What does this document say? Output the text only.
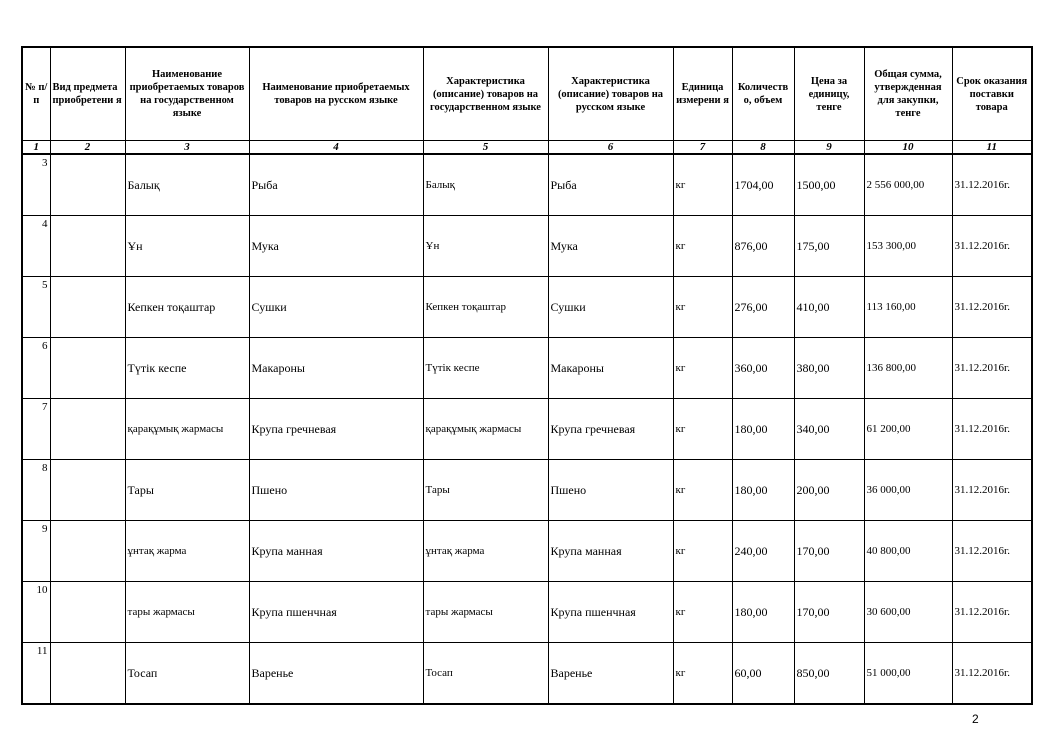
№ п/п	Вид предмета приобретени я	Наименование приобретаемых товаров на государственном языке	Наименование приобретаемых товаров на русском языке	Характеристика (описание) товаров на государственном языке	Характеристика (описание) товаров на русском языке	Единица измерени я	Количеств о, объем	Цена за единицу, тенге	Общая сумма, утвержденная для закупки, тенге	Срок оказания поставки товара
1	2	3	4	5	6	7	8	9	10	11
3		Балық	Рыба	Балық	Рыба	кг	1704,00	1500,00	2 556 000,00	31.12.2016г.
4		Ұн	Мука	Ұн	Мука	кг	876,00	175,00	153 300,00	31.12.2016г.
5		Кепкен тоқаштар	Сушки	Кепкен тоқаштар	Сушки	кг	276,00	410,00	113 160,00	31.12.2016г.
6		Түтік кеспе	Макароны	Түтік кеспе	Макароны	кг	360,00	380,00	136 800,00	31.12.2016г.
7		қарақұмық жармасы	Крупа гречневая	қарақұмық жармасы	Крупа гречневая	кг	180,00	340,00	61 200,00	31.12.2016г.
8		Тары	Пшено	Тары	Пшено	кг	180,00	200,00	36 000,00	31.12.2016г.
9		ұнтақ жарма	Крупа манная	ұнтақ жарма	Крупа манная	кг	240,00	170,00	40 800,00	31.12.2016г.
10		тары жармасы	Крупа пшенчная	тары жармасы	Крупа пшенчная	кг	180,00	170,00	30 600,00	31.12.2016г.
11		Тосап	Варенье	Тосап	Варенье	кг	60,00	850,00	51 000,00	31.12.2016г.
2
